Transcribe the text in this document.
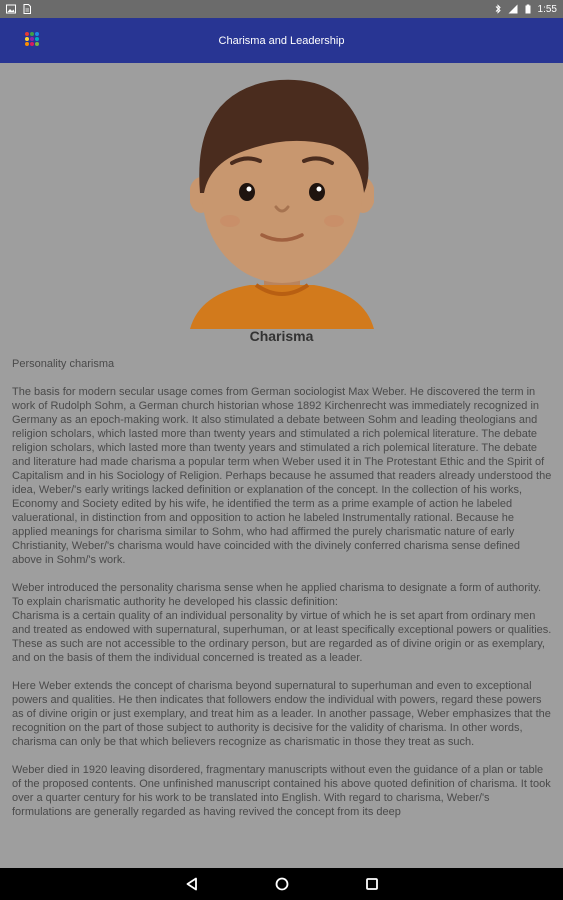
1:55
Charisma and Leadership
Charisma

Personality charisma

The basis for modern secular usage comes from German sociologist Max Weber. He discovered the term in work of Rudolph Sohm, a German church historian whose 1892 Kirchenrecht was immediately recognized in Germany as an epoch-making work. It also stimulated a debate between Sohm and leading theologians and religion scholars, which lasted more than twenty years and stimulated a rich polemical literature. The debate religion scholars, which lasted more than twenty years and stimulated a rich polemical literature. The debate and literature had made charisma a popular term when Weber used it in The Protestant Ethic and the Spirit of Capitalism and in his Sociology of Religion. Perhaps because he assumed that readers already understood the idea, Weber/'s early writings lacked definition or explanation of the concept. In the collection of his works, Economy and Society edited by his wife, he identified the term as a prime example of action he labeled valuerational, in distinction from and opposition to action he labeled Instrumentally rational. Because he applied meanings for charisma similar to Sohm, who had affirmed the purely charismatic nature of early Christianity, Weber/'s charisma would have coincided with the divinely conferred charisma sense defined above in Sohm/'s work.

Weber introduced the personality charisma sense when he applied charisma to designate a form of authority. To explain charismatic authority he developed his classic definition:
Charisma is a certain quality of an individual personality by virtue of which he is set apart from ordinary men and treated as endowed with supernatural, superhuman, or at least specifically exceptional powers or qualities. These as such are not accessible to the ordinary person, but are regarded as of divine origin or as exemplary, and on the basis of them the individual concerned is treated as a leader.

Here Weber extends the concept of charisma beyond supernatural to superhuman and even to exceptional powers and qualities. He then indicates that followers endow the individual with powers, regard these powers as of divine origin or just exemplary, and treat him as a leader. In another passage, Weber emphasizes that the recognition on the part of those subject to authority is decisive for the validity of charisma. In other words, charisma can only be that which believers recognize as charismatic in those they treat as such.

Weber died in 1920 leaving disordered, fragmentary manuscripts without even the guidance of a plan or table of the proposed contents. One unfinished manuscript contained his above quoted definition of charisma. It took over a quarter century for his work to be translated into English. With regard to charisma, Weber/'s formulations are generally regarded as having revived the concept from its deep
